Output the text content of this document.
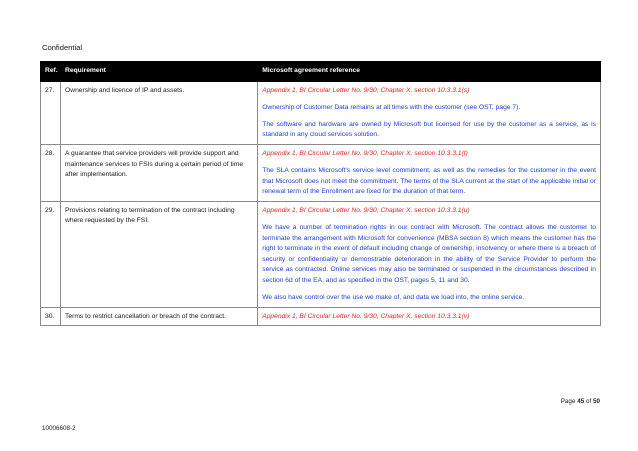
Confidential
Ref.	Requirement	Microsoft agreement reference
27.	Ownership and licence of IP and assets.	Appendix 1, BI Circular Letter No. 9/30, Chapter X, section 10.3.3.1(s)
Ownership of Customer Data remains at all times with the customer (see OST, page 7).
The software and hardware are owned by Microsoft but licensed for use by the customer as a service, as is standard in any cloud services solution.

28.	A guarantee that service providers will provide support and maintenance services to FSIs during a certain period of time after implementation.	Appendix 1, BI Circular Letter No. 9/30, Chapter X, section 10.3.3.1(t)
The SLA contains Microsoft's service level commitment, as well as the remedies for the customer in the event that Microsoft does not meet the commitment. The terms of the SLA current at the start of the applicable initial or renewal term of the Enrollment are fixed for the duration of that term.

29.	Provisions relating to termination of the contract including where requested by the FSI.	Appendix 1, BI Circular Letter No. 9/30, Chapter X, section 10.3.3.1(u)
We have a number of termination rights in our contract with Microsoft. The contract allows the customer to terminate the arrangement with Microsoft for convenience (MBSA section 8) which means the customer has the right to terminate in the event of default including change of ownership, insolvency or where there is a breach of security or confidentiality or demonstrable deterioration in the ability of the Service Provider to perform the service as contracted. Online services may also be terminated or suspended in the circumstances described in section 6d of the EA, and as specified in the OST, pages 5, 11 and 30.
We also have control over the use we make of, and data we load into, the online service.

30.	Terms to restrict cancellation or breach of the contract.	Appendix 1, BI Circular Letter No. 9/30, Chapter X, section 10.3.3.1(v)
Page 45 of 50
10006608-2
